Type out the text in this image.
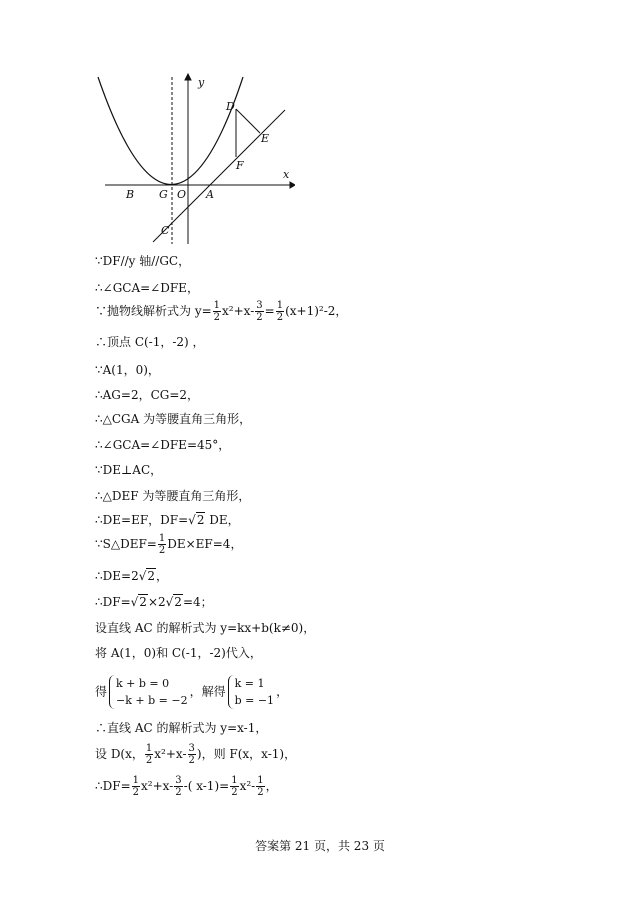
y
x
O A
B G
C
D
E
F
∵DF//y 轴//GC，
∴∠GCA=∠DFE，
∵抛物线解析式为 $y= \frac{1}{2} x^2+x- \frac{3}{2} = \frac{1}{2} (x+1)^2-2$，
∴顶点 C(-1，-2) ，
∵A(1，0)，
∴AG=2，CG=2，
∴△CGA 为等腰直角三角形，
∴∠GCA=∠DFE=45°，
∵DE⊥AC，
∴△DEF 为等腰直角三角形，
∴DE=EF，DF=√2 DE，
∵S△DEF= $\frac{1}{2} DE\times EF=4$，
∴DE=2√2，
∴DF=√2×2√2=4；
设直线 AC 的解析式为 y=kx+b(k≠0)，
将 A(1，0)和 C(-1，-2)代入，
得
k + b = 0
−k + b = −2
，解得
k = 1
b = −1
，
∴直线 AC 的解析式为 y=x-1，
设 D(x， $\frac{1}{2} x^2+x- \frac{3}{2}$ )，则 F(x，x-1)，
∴DF= $\frac{1}{2} x^2+x- \frac{3}{2}$ -( $x-1)= \frac{1}{2} x^2- \frac{1}{2}$ ，
答案第 21 页，共 23 页
